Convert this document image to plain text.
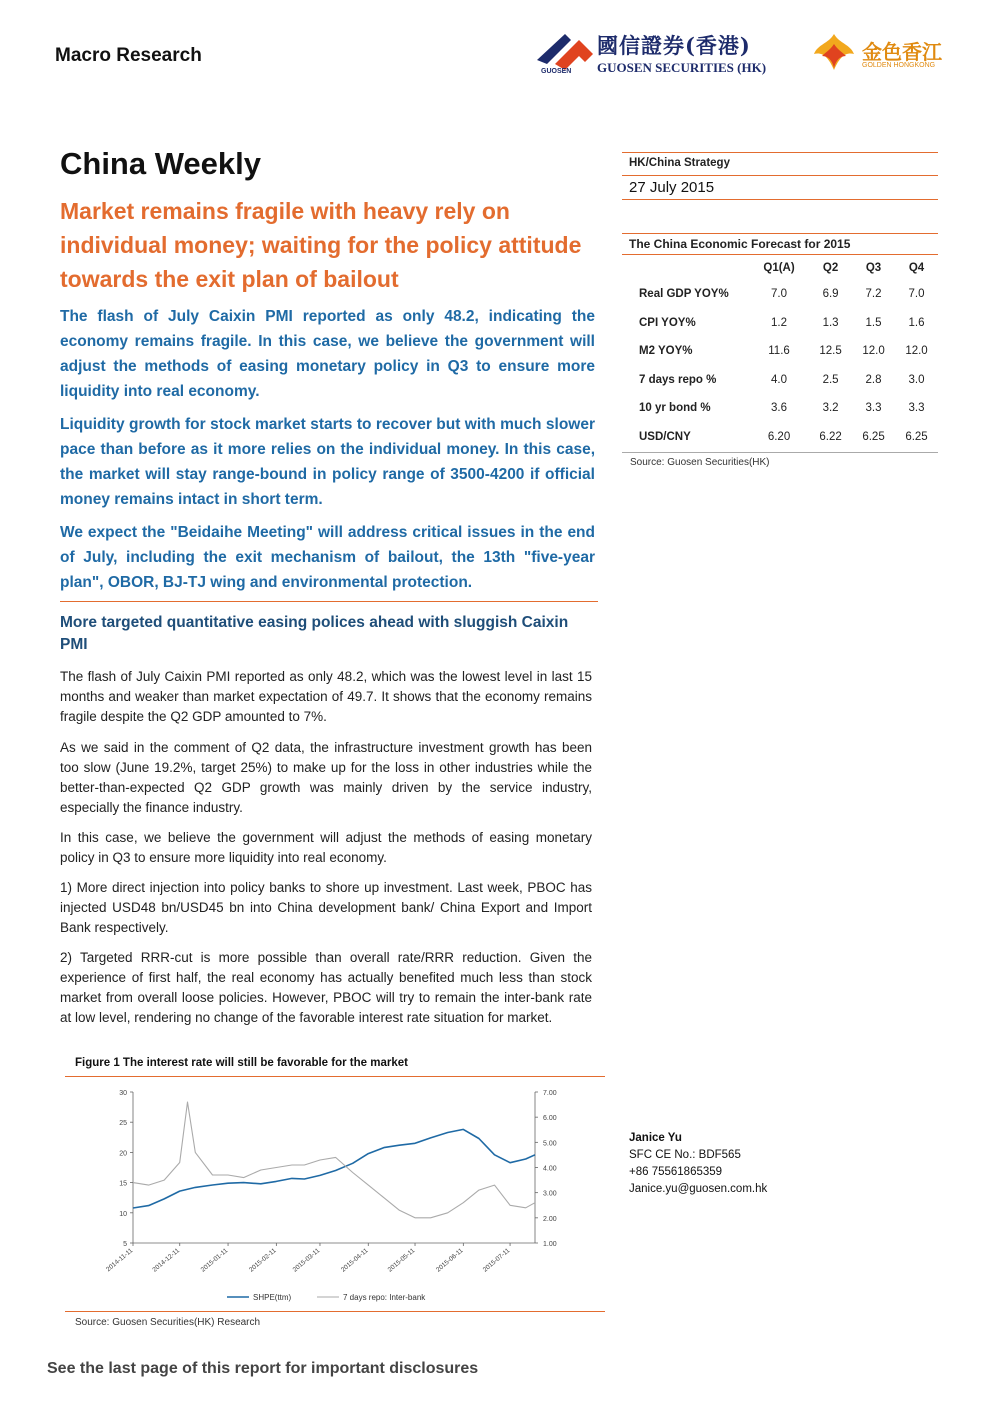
Macro Research
GUOSEN
國信證券(香港)
GUOSEN SECURITIES (HK)
金色香江
GOLDEN HONGKONG
China Weekly
Market remains fragile with heavy rely on individual money; waiting for the policy attitude towards the exit plan of bailout
The flash of July Caixin PMI reported as only 48.2, indicating the economy remains fragile. In this case, we believe the government will adjust the methods of easing monetary policy in Q3 to ensure more liquidity into real economy.
Liquidity growth for stock market starts to recover but with much slower pace than before as it more relies on the individual money. In this case, the market will stay range-bound in policy range of 3500-4200 if official money remains intact in short term.
We expect the "Beidaihe Meeting" will address critical issues in the end of July, including the exit mechanism of bailout, the 13th "five-year plan", OBOR, BJ-TJ wing and environmental protection.
More targeted quantitative easing polices ahead with sluggish Caixin PMI
The flash of July Caixin PMI reported as only 48.2, which was the lowest level in last 15 months and weaker than market expectation of 49.7. It shows that the economy remains fragile despite the Q2 GDP amounted to 7%.
As we said in the comment of Q2 data, the infrastructure investment growth has been too slow (June 19.2%, target 25%) to make up for the loss in other industries while the better-than-expected Q2 GDP growth was mainly driven by the service industry, especially the finance industry.
In this case, we believe the government will adjust the methods of easing monetary policy in Q3 to ensure more liquidity into real economy.
1) More direct injection into policy banks to shore up investment. Last week, PBOC has injected USD48 bn/USD45 bn into China development bank/ China Export and Import Bank respectively.
2) Targeted RRR-cut is more possible than overall rate/RRR reduction. Given the experience of first half, the real economy has actually benefited much less than stock market from overall loose policies. However, PBOC will try to remain the inter-bank rate at low level, rendering no change of the favorable interest rate situation for market.
HK/China Strategy
27 July 2015
The China Economic Forecast for 2015
	Q1(A)	Q2	Q3	Q4
Real GDP YOY%	7.0	6.9	7.2	7.0
CPI YOY%	1.2	1.3	1.5	1.6
M2 YOY%	11.6	12.5	12.0	12.0
7 days repo %	4.0	2.5	2.8	3.0
10 yr bond %	3.6	3.2	3.3	3.3
USD/CNY	6.20	6.22	6.25	6.25
Source: Guosen Securities(HK)
Janice Yu
SFC CE No.: BDF565
+86 75561865359
Janice.yu@guosen.com.hk
Figure 1 The interest rate will still be favorable for the market
30
25
20
15
10
5
7.00
6.00
5.00
4.00
3.00
2.00
1.00
2014-11-11	2014-12-11	2015-01-11	2015-02-11 2015-03-11	2015-04-11	2015-05-11	2015-06-11	2015-07-11
SHPE(ttm)	7 days repo: Inter-bank
Source: Guosen Securities(HK) Research
See the last page of this report for important disclosures
